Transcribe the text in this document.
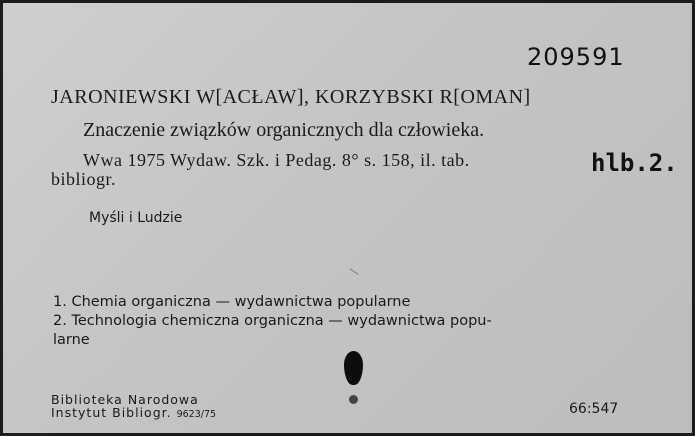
209591
JARONIEWSKI W[ACŁAW], KORZYBSKI R[OMAN]
Znaczenie związków organicznych dla człowieka.
Wwa 1975 Wydaw. Szk. i Pedag. 8° s. 158, il. tab.
bibliogr.
hlb.2.
Myśli i Ludzie
1. Chemia organiczna — wydawnictwa popularne
2. Technologia chemiczna organiczna — wydawnictwa popu-
larne
Biblioteka Narodowa
Instytut Bibliogr. 9623/75	66:547
